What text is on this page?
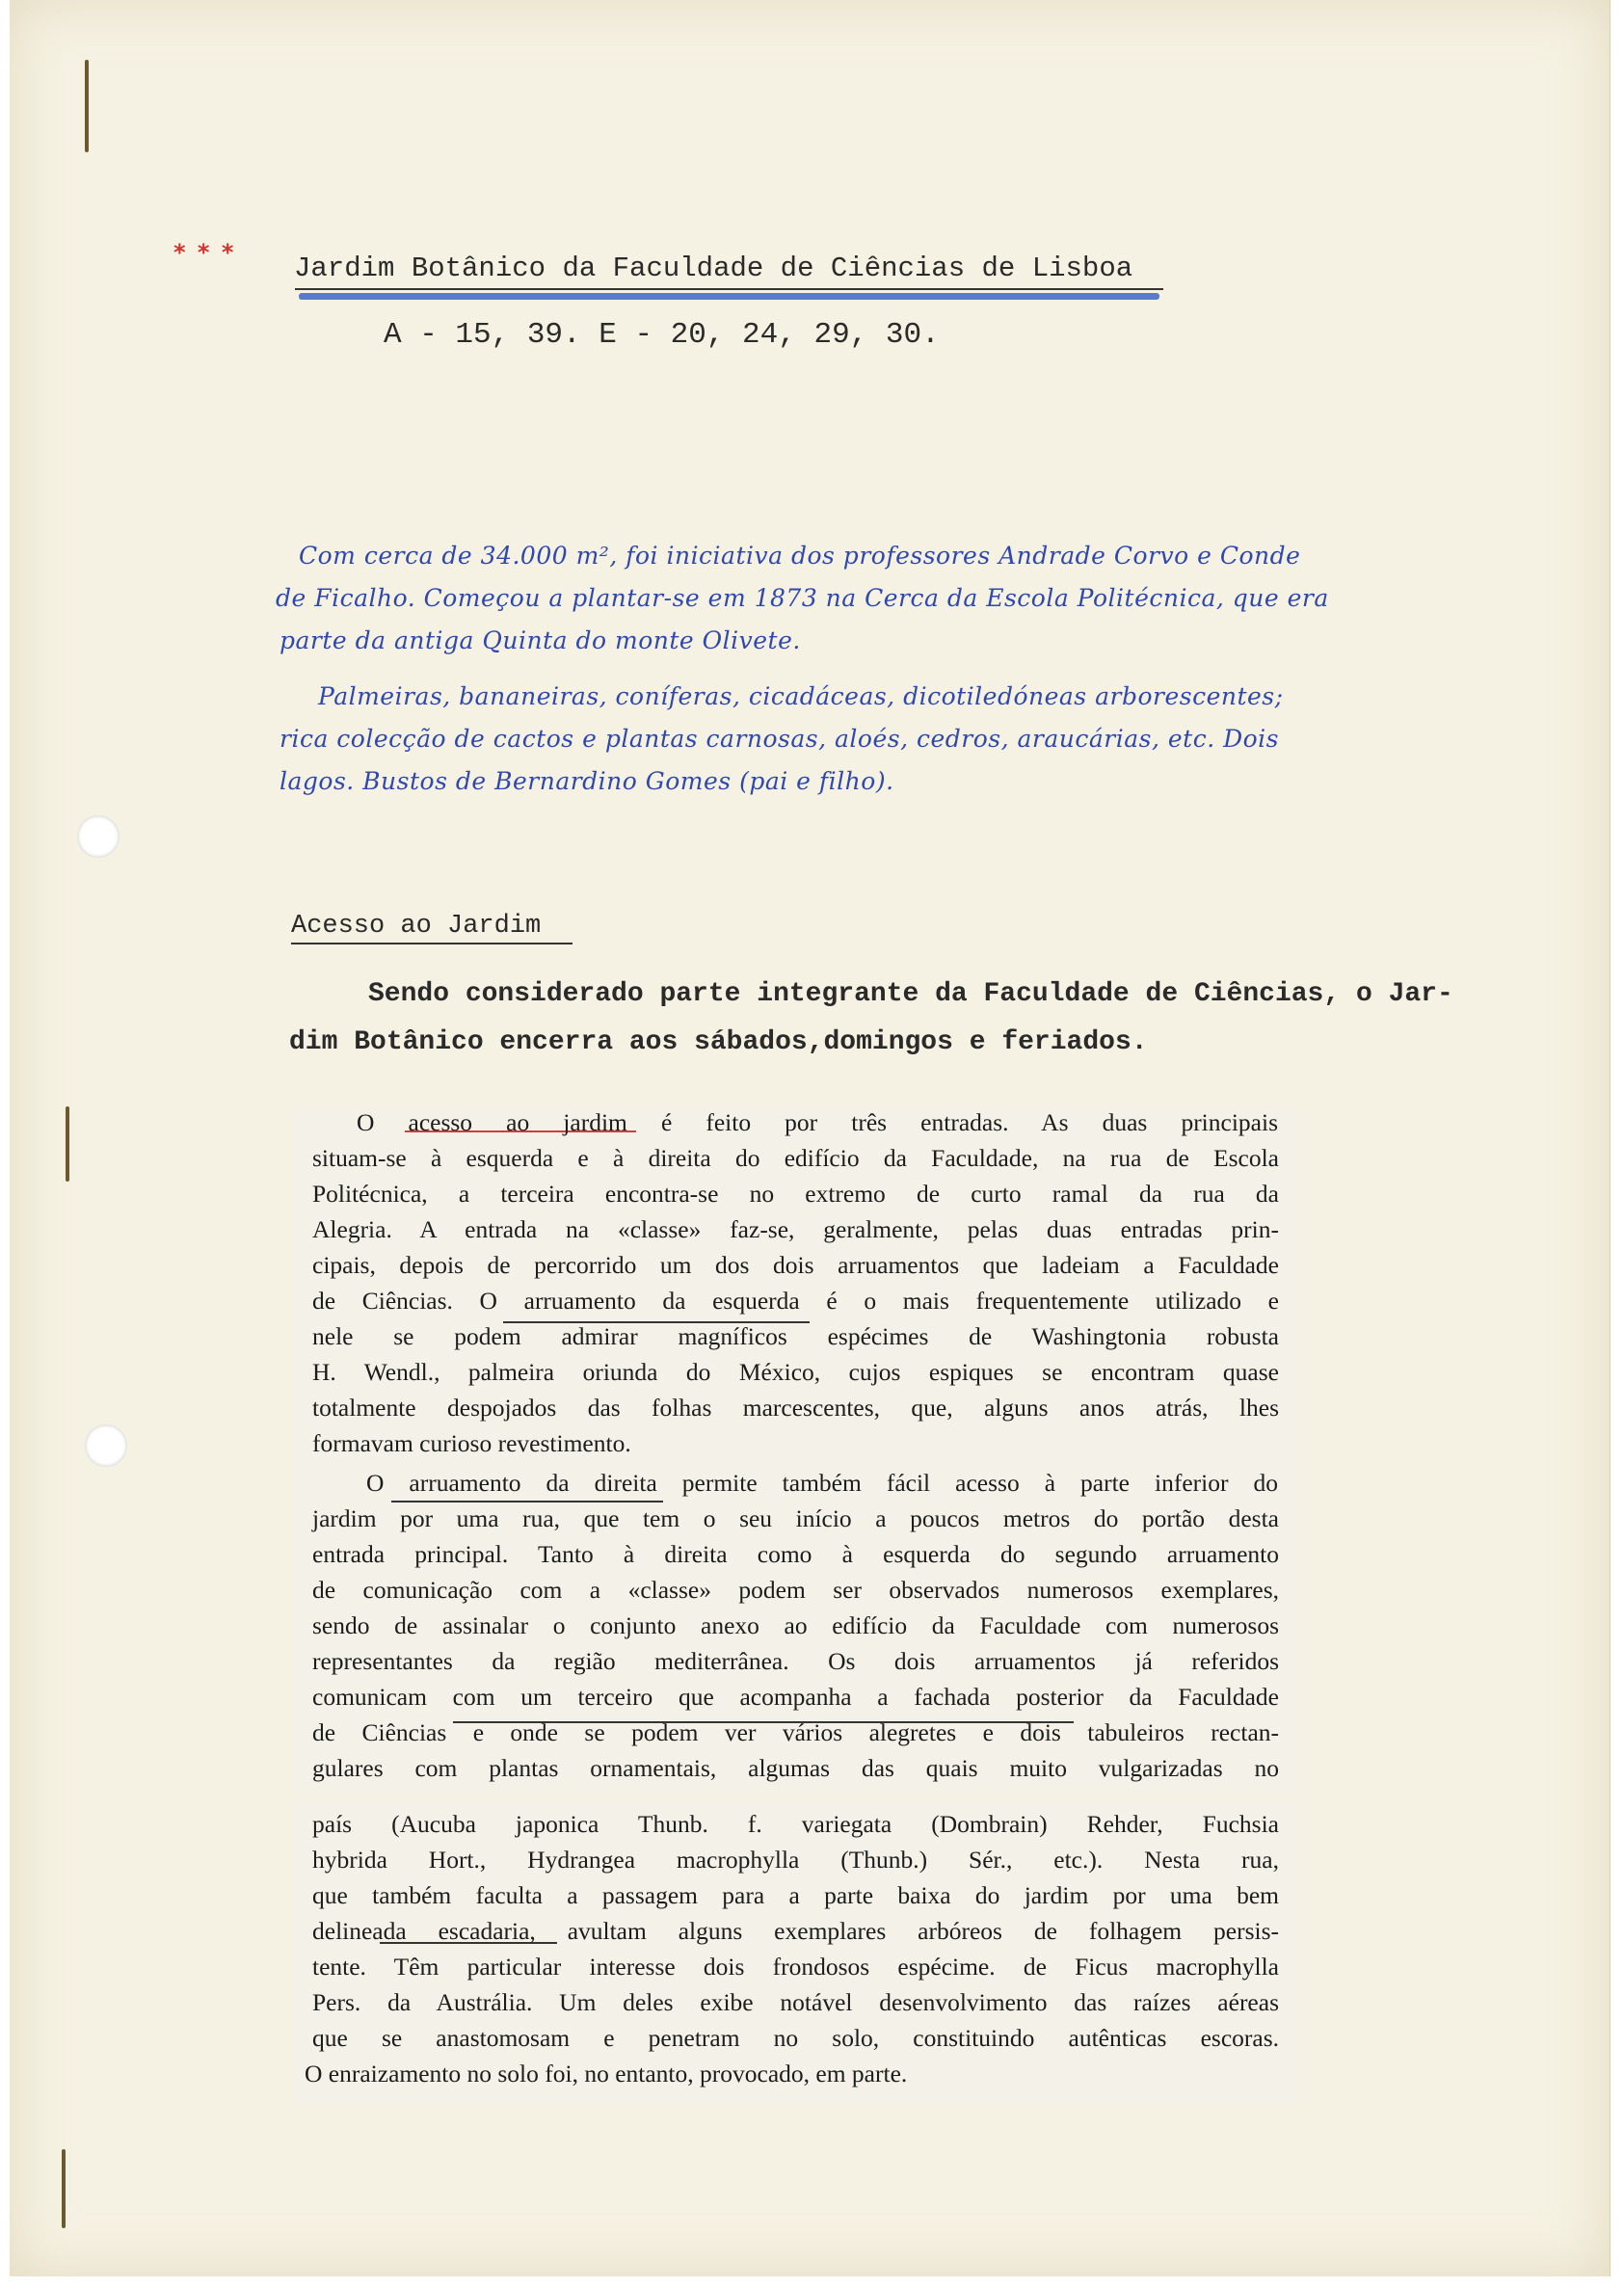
* * * Jardim Botânico da Faculdade de Ciências de Lisboa
A - 15, 39. E - 20, 24, 29, 30.
Com cerca de 34.000 m², foi iniciativa dos professores Andrade Corvo e Conde
de Ficalho. Começou a plantar-se em 1873 na Cerca da Escola Politécnica, que era
parte da antiga Quinta do monte Olivete.
Palmeiras, bananeiras, coníferas, cicadáceas, dicotiledóneas arborescentes;
rica colecção de cactos e plantas carnosas, aloés, cedros, araucárias, etc. Dois
lagos. Bustos de Bernardino Gomes (pai e filho).
Acesso ao Jardim
Sendo considerado parte integrante da Faculdade de Ciências, o Jar-
dim Botânico encerra aos sábados,domingos e feriados.
O acesso ao jardim é feito por três entradas. As duas principais
situam-se à esquerda e à direita do edifício da Faculdade, na rua de Escola
Politécnica, a terceira encontra-se no extremo de curto ramal da rua da
Alegria. A entrada na «classe» faz-se, geralmente, pelas duas entradas prin-
cipais, depois de percorrido um dos dois arruamentos que ladeiam a Faculdade
de Ciências. O arruamento da esquerda é o mais frequentemente utilizado e
nele se podem admirar magníficos espécimes de Washingtonia robusta
H. Wendl., palmeira oriunda do México, cujos espiques se encontram quase
totalmente despojados das folhas marcescentes, que, alguns anos atrás, lhes
formavam curioso revestimento.
O arruamento da direita permite também fácil acesso à parte inferior do
jardim por uma rua, que tem o seu início a poucos metros do portão desta
entrada principal. Tanto à direita como à esquerda do segundo arruamento
de comunicação com a «classe» podem ser observados numerosos exemplares,
sendo de assinalar o conjunto anexo ao edifício da Faculdade com numerosos
representantes da região mediterrânea. Os dois arruamentos já referidos
comunicam com um terceiro que acompanha a fachada posterior da Faculdade
de Ciências e onde se podem ver vários alegretes e dois tabuleiros rectan-
gulares com plantas ornamentais, algumas das quais muito vulgarizadas no
país (Aucuba japonica Thunb. f. variegata (Dombrain) Rehder, Fuchsia
hybrida Hort., Hydrangea macrophylla (Thunb.) Sér., etc.). Nesta rua,
que também faculta a passagem para a parte baixa do jardim por uma bem
delineada escadaria, avultam alguns exemplares arbóreos de folhagem persis-
tente. Têm particular interesse dois frondosos espécime. de Ficus macrophylla
Pers. da Austrália. Um deles exibe notável desenvolvimento das raízes aéreas
que se anastomosam e penetram no solo, constituindo autênticas escoras.
O enraizamento no solo foi, no entanto, provocado, em parte.
